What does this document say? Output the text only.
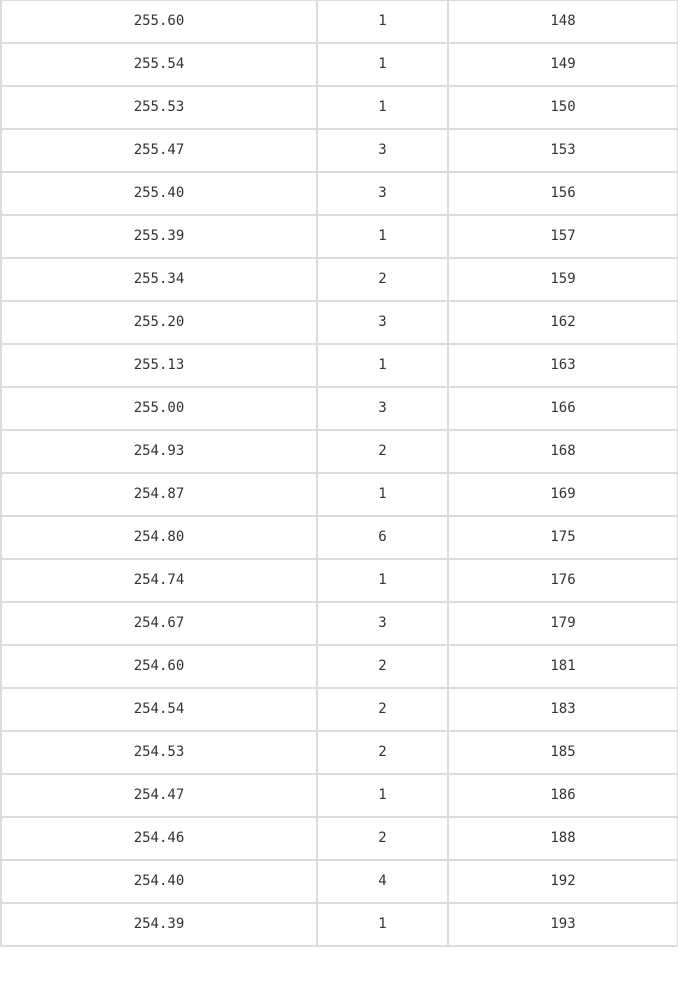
255.60	1	148
255.54	1	149
255.53	1	150
255.47	3	153
255.40	3	156
255.39	1	157
255.34	2	159
255.20	3	162
255.13	1	163
255.00	3	166
254.93	2	168
254.87	1	169
254.80	6	175
254.74	1	176
254.67	3	179
254.60	2	181
254.54	2	183
254.53	2	185
254.47	1	186
254.46	2	188
254.40	4	192
254.39	1	193
